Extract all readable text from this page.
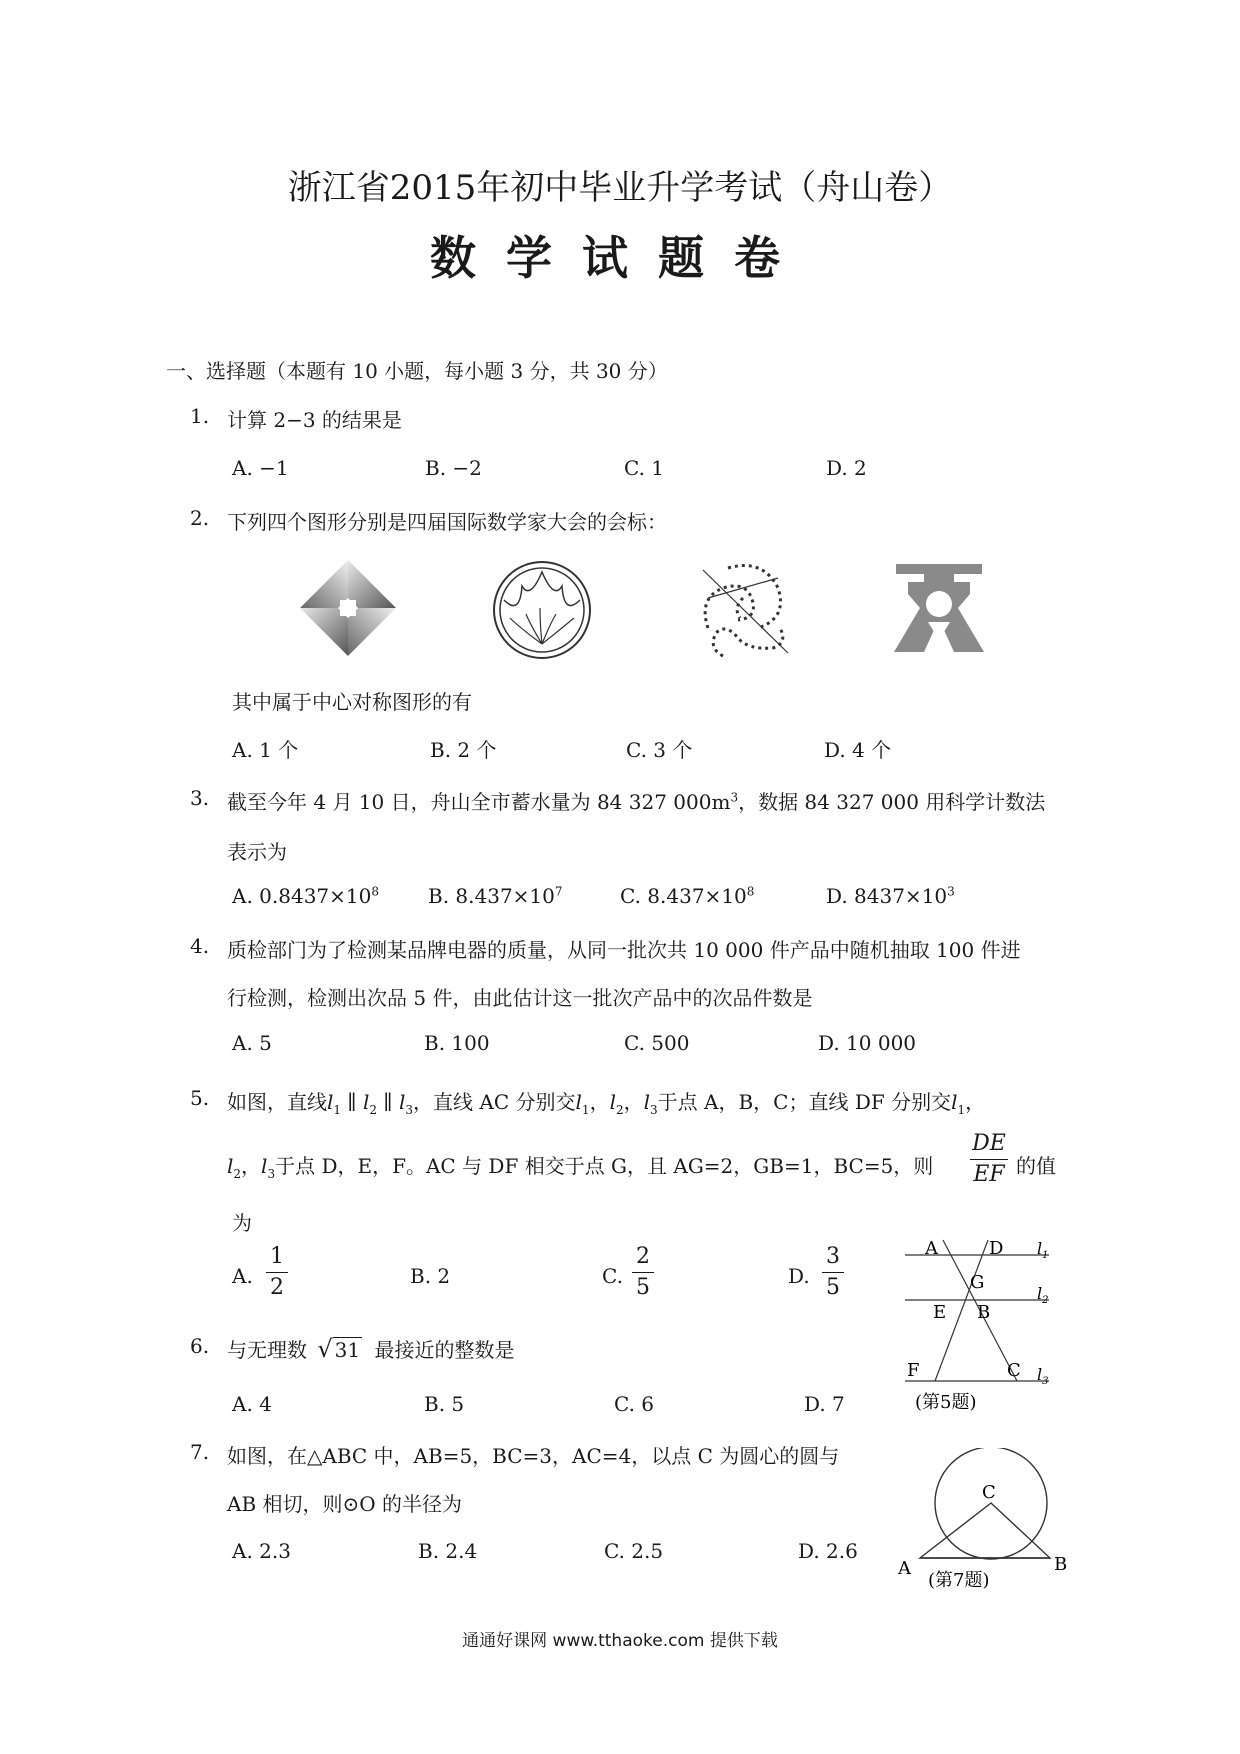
浙江省2015年初中毕业升学考试（舟山卷）
数学试题卷
一、选择题（本题有 10 小题，每小题 3 分，共 30 分）
1. 计算 2−3 的结果是
A. −1	B. −2	C. 1	D. 2
2. 下列四个图形分别是四届国际数学家大会的会标：
其中属于中心对称图形的有
A. 1 个	B. 2 个	C. 3 个	D. 4 个
3. 截至今年 4 月 10 日，舟山全市蓄水量为 84 327 $000m^3$，数据 84 327 000 用科学计数法
表示为
A. $0.8437\times 10^8$ B. $8.437\times 10^7$	C. $8.437\times 10^8$	D. $8437\times 10^3$
4. 质检部门为了检测某品牌电器的质量，从同一批次共 10 000 件产品中随机抽取 100 件进
行检测，检测出次品 5 件，由此估计这一批次产品中的次品件数是
A. 5	B. 100	C. 500	D. 10 000
5. 如图，直线$l_1$ ∥ $l_2$ ∥ $l_3$，直线 AC 分别交$l_1$，$l_2$，$l_3$于点 A，B，C；直线 DF 分别交$l_1$，
$l_2$，$l_3$于点 D，E，F。AC 与 DF 相交于点 G，且 AG=2，GB=1，BC=5，则
DE
EF 的值
为
A.
1
2	B. 2	C.
2
5	D.
3
5
A	D
G
E B
F	C
$l_1$
$l_2$
$l_3$
(第5题)
6. 与无理数 √ 31 最接近的整数是
A. 4	B. 5	C. 6	D. 7
7. 如图，在△ABC 中，AB=5，BC=3，AC=4，以点 C 为圆心的圆与
AB 相切，则⊙O 的半径为
A. 2.3	B. 2.4	C. 2.5	D. 2.6
C
A	B
(第7题)
通通好课网 www.tthaoke.com 提供下载
